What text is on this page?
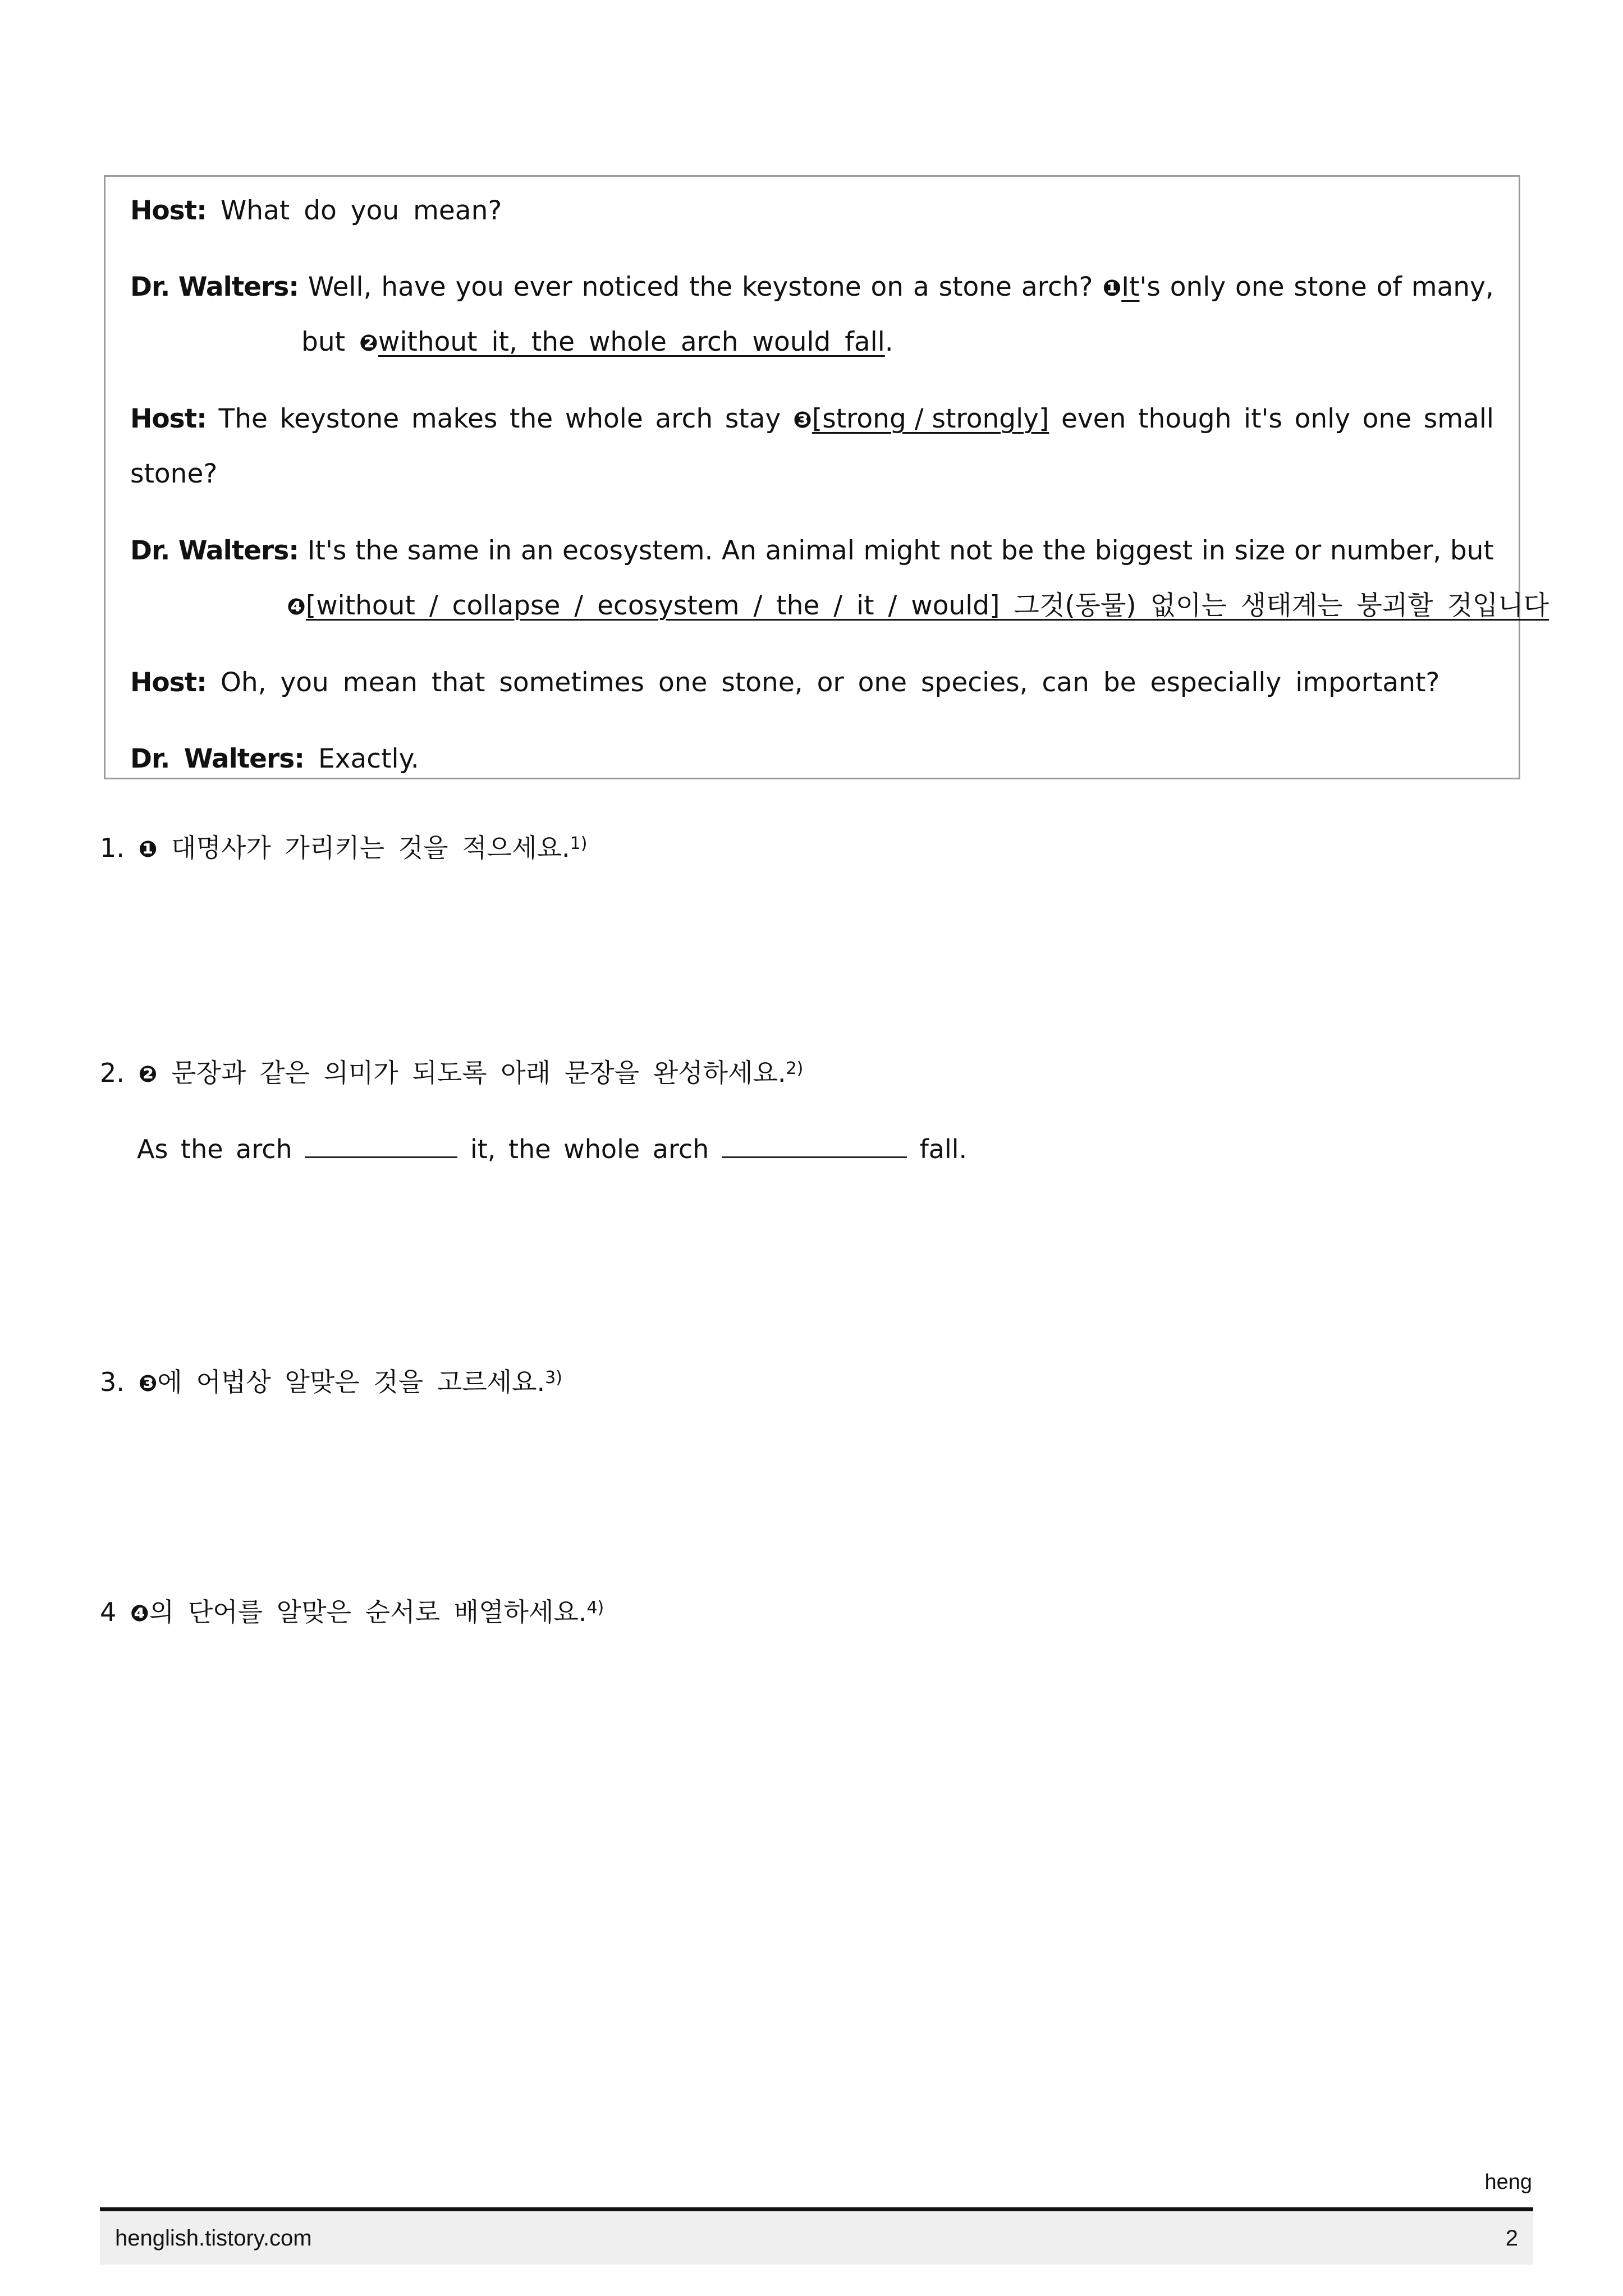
Host: What do you mean?
Dr. Walters: Well, have you ever noticed the keystone on a stone arch? ❶It's only one stone of many,
but ❷without it, the whole arch would fall.
Host: The keystone makes the whole arch stay ❸[strong / strongly] even though it's only one small
stone?
Dr. Walters: It's the same in an ecosystem. An animal might not be the biggest in size or number, but
❹[without / collapse / ecosystem / the / it / would] 그것(동물) 없이는 생태계는 붕괴할 것입니다
Host: Oh, you mean that sometimes one stone, or one species, can be especially important?
Dr. Walters: Exactly.
1. ❶ 대명사가 가리키는 것을 적으세요.$^{1)}$
2. ❷ 문장과 같은 의미가 되도록 아래 문장을 완성하세요.$^{2)}$
As the arch	it, the whole arch	fall.
3. ❸에 어법상 알맞은 것을 고르세요.$^{3)}$
4 ❹의 단어를 알맞은 순서로 배열하세요.$^{4)}$
heng
henglish.tistory.com	2
